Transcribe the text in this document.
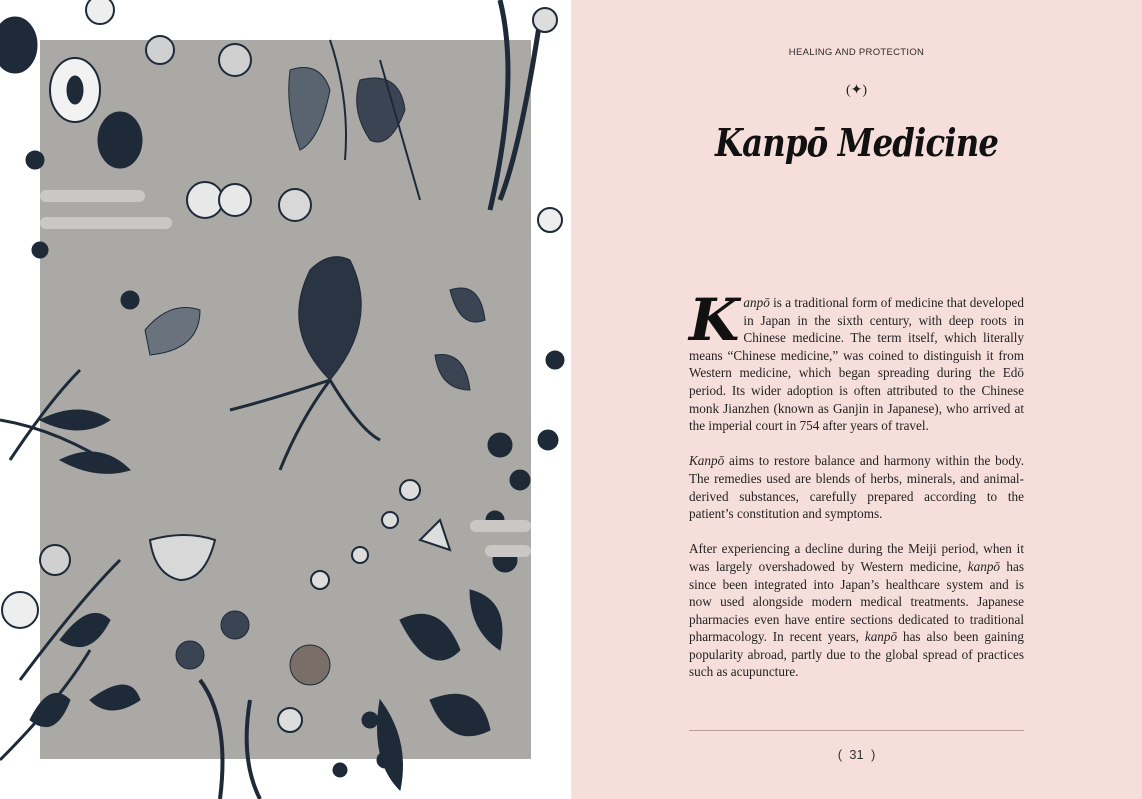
HEALING AND PROTECTION
(✦)
Kanpō Medicine

Kanpō is a traditional form of medicine that developed in Japan in the sixth century, with deep roots in Chinese medicine. The term itself, which literally means “Chinese medicine,” was coined to distinguish it from Western medicine, which began spreading during the Edō period. Its wider adoption is often attributed to the Chinese monk Jianzhen (known as Ganjin in Japanese), who arrived at the imperial court in 754 after years of travel.

Kanpō aims to restore balance and harmony within the body. The remedies used are blends of herbs, minerals, and animal-derived substances, carefully prepared according to the patient’s constitution and symptoms.

After experiencing a decline during the Meiji period, when it was largely overshadowed by Western medicine, kanpō has since been integrated into Japan’s healthcare system and is now used alongside modern medical treatments. Japanese pharmacies even have entire sections dedicated to traditional pharmacology. In recent years, kanpō has also been gaining popularity abroad, partly due to the global spread of practices such as acupuncture.

( 31 )
